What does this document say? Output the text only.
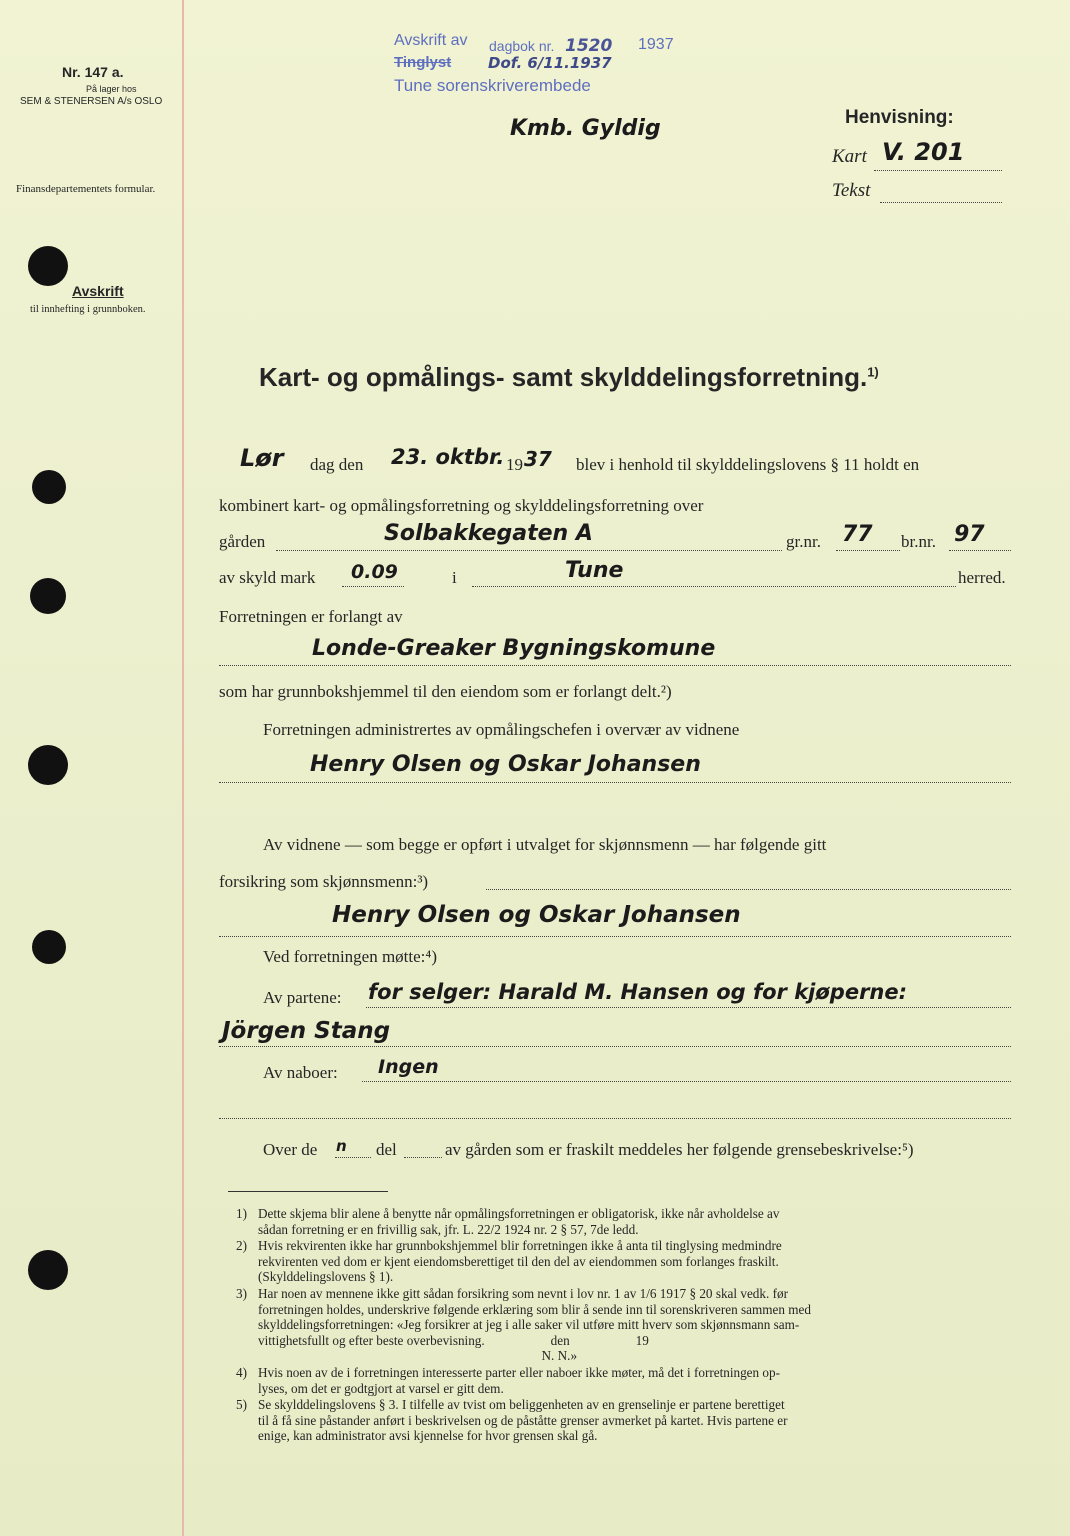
Nr. 147 a.
På lager hos
SEM & STENERSEN A/s OSLO
Finansdepartementets formular.
Avskrift
til innhefting i grunnboken.
Avskrift av dagbok nr. 1520 1937
Tinglyst Dof. 6/11.1937
Tune sorenskriverembede
Kmb. Gyldig	Henvisning:
Kart V. 201
Tekst
Kart- og opmålings- samt skylddelingsforretning.$^{1)}$
Lør dag den 23. oktbr. 19 37 blev i henhold til skylddelingslovens § 11 holdt en
kombinert kart- og opmålingsforretning og skylddelingsforretning over
gården	Solbakkegaten A	gr.nr. 77 br.nr. 97
av skyld mark 0.09	i	Tune	herred.
Forretningen er forlangt av
Londe-Greaker Bygningskomune
som har grunnbokshjemmel til den eiendom som er forlangt delt.²)
Forretningen administrertes av opmålingschefen i overvær av vidnene
Henry Olsen og Oskar Johansen
Av vidnene — som begge er opført i utvalget for skjønnsmenn — har følgende gitt
forsikring som skjønnsmenn:³)
Henry Olsen og Oskar Johansen
Ved forretningen møtte:⁴)
Av partene: for selger: Harald M. Hansen og for kjøperne:
Jörgen Stang
Av naboer: Ingen
Over de n del	av gården som er fraskilt meddeles her følgende grensebeskrivelse:⁵)
1) Dette skjema blir alene å benytte når opmålingsforretningen er obligatorisk, ikke når avholdelse av
sådan forretning er en frivillig sak, jfr. L. 22/2 1924 nr. 2 § 57, 7de ledd.
2) Hvis rekvirenten ikke har grunnbokshjemmel blir forretningen ikke å anta til tinglysing medmindre
rekvirenten ved dom er kjent eiendomsberettiget til den del av eiendommen som forlanges fraskilt.
(Skylddelingslovens § 1).
3) Har noen av mennene ikke gitt sådan forsikring som nevnt i lov nr. 1 av 1/6 1917 § 20 skal vedk. før
forretningen holdes, underskrive følgende erklæring som blir å sende inn til sorenskriveren sammen med
skylddelingsforretningen: «Jeg forsikrer at jeg i alle saker vil utføre mitt hverv som skjønnsmann sam-
vittighetsfullt og efter beste overbevisning.                    den                    19
N. N.»
4) Hvis noen av de i forretningen interesserte parter eller naboer ikke møter, må det i forretningen op-
lyses, om det er godtgjort at varsel er gitt dem.
5) Se skylddelingslovens § 3. I tilfelle av tvist om beliggenheten av en grenselinje er partene berettiget
til å få sine påstander anført i beskrivelsen og de påståtte grenser avmerket på kartet. Hvis partene er
enige, kan administrator avsi kjennelse for hvor grensen skal gå.
